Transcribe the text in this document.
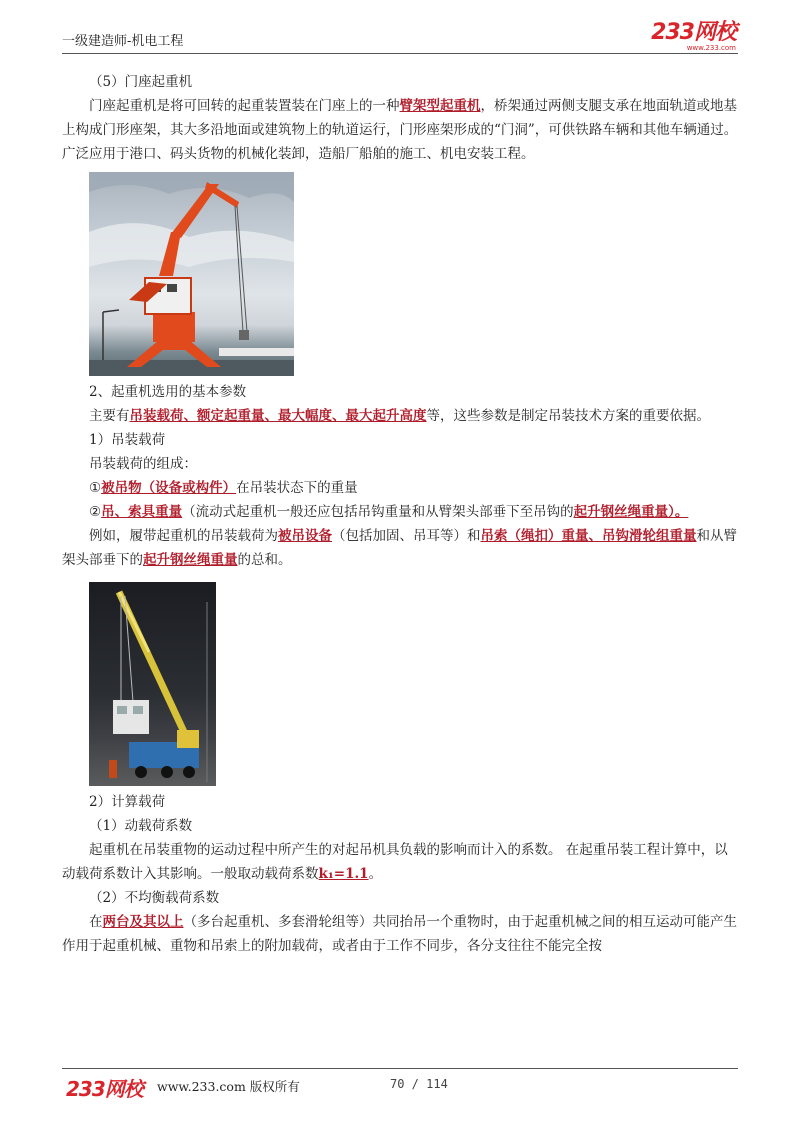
一级建造师-机电工程	233网校
www.233.com

（5）门座起重机

门座起重机是将可回转的起重装置装在门座上的一种臂架型起重机，桥架通过两侧支腿支承在地面轨道或地基上构成门形座架，其大多沿地面或建筑物上的轨道运行，门形座架形成的“门洞”，可供铁路车辆和其他车辆通过。广泛应用于港口、码头货物的机械化装卸，造船厂船舶的施工、机电安装工程。

2、起重机选用的基本参数

主要有吊装载荷、额定起重量、最大幅度、最大起升高度等，这些参数是制定吊装技术方案的重要依据。

1）吊装载荷

吊装载荷的组成：

①被吊物（设备或构件）在吊装状态下的重量

②吊、索具重量（流动式起重机一般还应包括吊钩重量和从臂架头部垂下至吊钩的起升钢丝绳重量）。

例如，履带起重机的吊装载荷为被吊设备（包括加固、吊耳等）和吊索（绳扣）重量、吊钩滑轮组重量和从臂架头部垂下的起升钢丝绳重量的总和。

2）计算载荷

（1）动载荷系数

起重机在吊装重物的运动过程中所产生的对起吊机具负载的影响而计入的系数。 在起重吊装工程计算中，以动载荷系数计入其影响。一般取动载荷系数k₁=1.1。

（2）不均衡载荷系数

在两台及其以上（多台起重机、多套滑轮组等）共同抬吊一个重物时，由于起重机械之间的相互运动可能产生作用于起重机械、重物和吊索上的附加载荷，或者由于工作不同步，各分支往往不能完全按

233网校 www.233.com 版权所有	70 / 114
